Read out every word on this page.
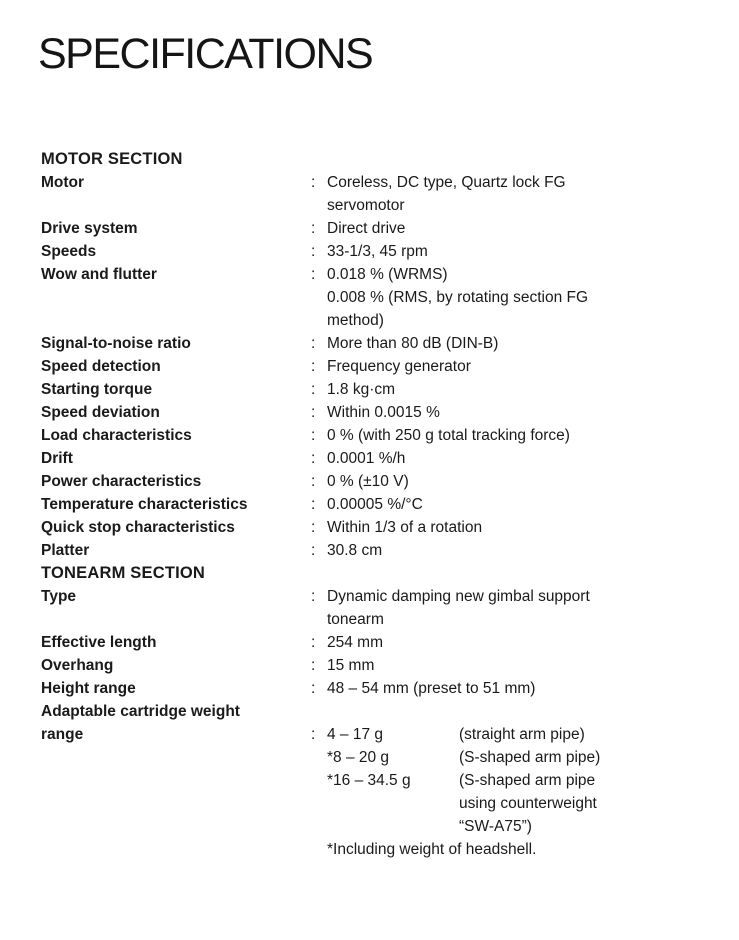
SPECIFICATIONS
MOTOR SECTION
Motor	: Coreless, DC type, Quartz lock FG
servomotor
Drive system	: Direct drive
Speeds	: 33-1/3, 45 rpm
Wow and flutter	: 0.018 % (WRMS)
0.008 % (RMS, by rotating section FG
method)
Signal-to-noise ratio	: More than 80 dB (DIN-B)
Speed detection	: Frequency generator
Starting torque	: 1.8 kg·cm
Speed deviation	: Within 0.0015 %
Load characteristics	: 0 % (with 250 g total tracking force)
Drift	: 0.0001 %/h
Power characteristics	: 0 % (±10 V)
Temperature characteristics	: 0.00005 %/°C
Quick stop characteristics	: Within 1/3 of a rotation
Platter	: 30.8 cm
TONEARM SECTION
Type	: Dynamic damping new gimbal support
tonearm
Effective length	: 254 mm
Overhang	: 15 mm
Height range	: 48 – 54 mm (preset to 51 mm)
Adaptable cartridge weight
range	: 4 – 17 g	(straight arm pipe)
*8 – 20 g	(S-shaped arm pipe)
*16 – 34.5 g	(S-shaped arm pipe
using counterweight
“SW-A75”)
*Including weight of headshell.
